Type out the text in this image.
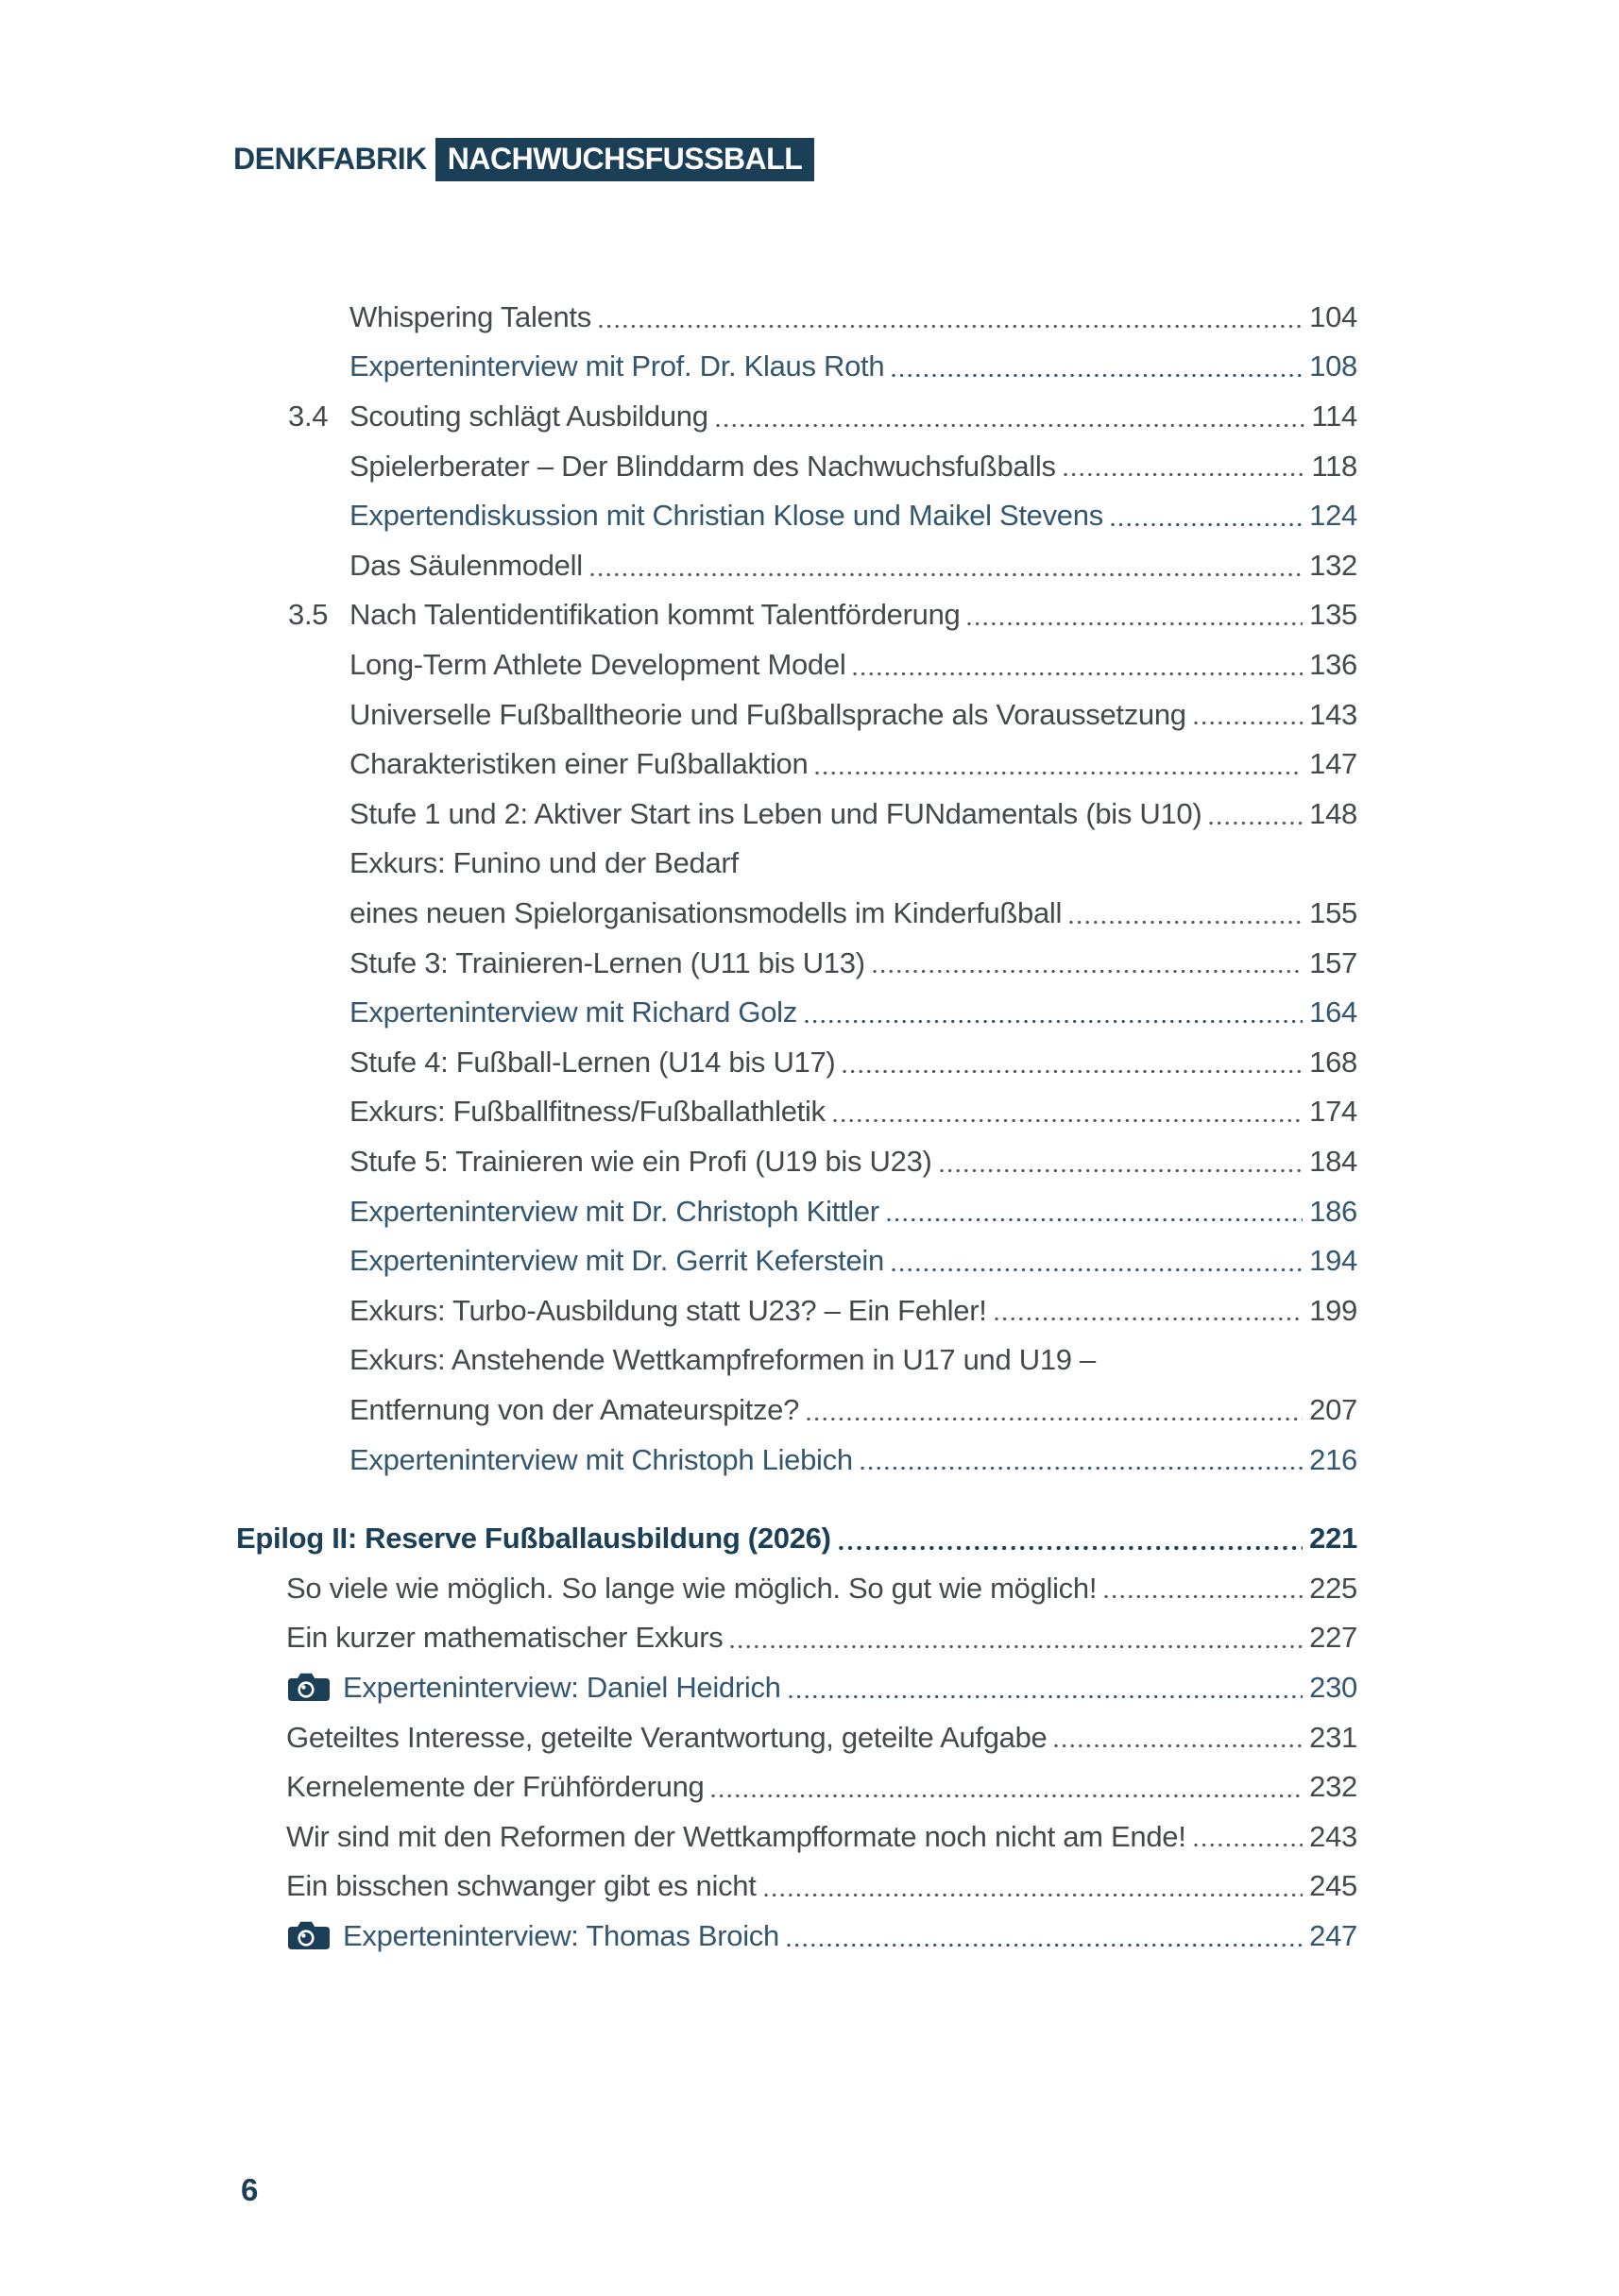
DENKFABRIK NACHWUCHSFUSSBALL
Whispering Talents	104
Experteninterview mit Prof. Dr. Klaus Roth	108
3.4 Scouting schlägt Ausbildung	114
Spielerberater – Der Blinddarm des Nachwuchsfußballs	118
Expertendiskussion mit Christian Klose und Maikel Stevens	124
Das Säulenmodell	132
3.5 Nach Talentidentifikation kommt Talentförderung	135
Long-Term Athlete Development Model	136
Universelle Fußballtheorie und Fußballsprache als Voraussetzung	143
Charakteristiken einer Fußballaktion	147
Stufe 1 und 2: Aktiver Start ins Leben und FUNdamentals (bis U10)	148
Exkurs: Funino und der Bedarf
eines neuen Spielorganisationsmodells im Kinderfußball	155
Stufe 3: Trainieren-Lernen (U11 bis U13)	157
Experteninterview mit Richard Golz	164
Stufe 4: Fußball-Lernen (U14 bis U17)	168
Exkurs: Fußballfitness/Fußballathletik	174
Stufe 5: Trainieren wie ein Profi (U19 bis U23)	184
Experteninterview mit Dr. Christoph Kittler	186
Experteninterview mit Dr. Gerrit Keferstein	194
Exkurs: Turbo-Ausbildung statt U23? – Ein Fehler!	199
Exkurs: Anstehende Wettkampfreformen in U17 und U19 –
Entfernung von der Amateurspitze?	207
Experteninterview mit Christoph Liebich	216
Epilog II: Reserve Fußballausbildung (2026)	221
So viele wie möglich. So lange wie möglich. So gut wie möglich!	225
Ein kurzer mathematischer Exkurs	227
Experteninterview: Daniel Heidrich	230
Geteiltes Interesse, geteilte Verantwortung, geteilte Aufgabe	231
Kernelemente der Frühförderung	232
Wir sind mit den Reformen der Wettkampfformate noch nicht am Ende!	243
Ein bisschen schwanger gibt es nicht	245
Experteninterview: Thomas Broich	247
6
